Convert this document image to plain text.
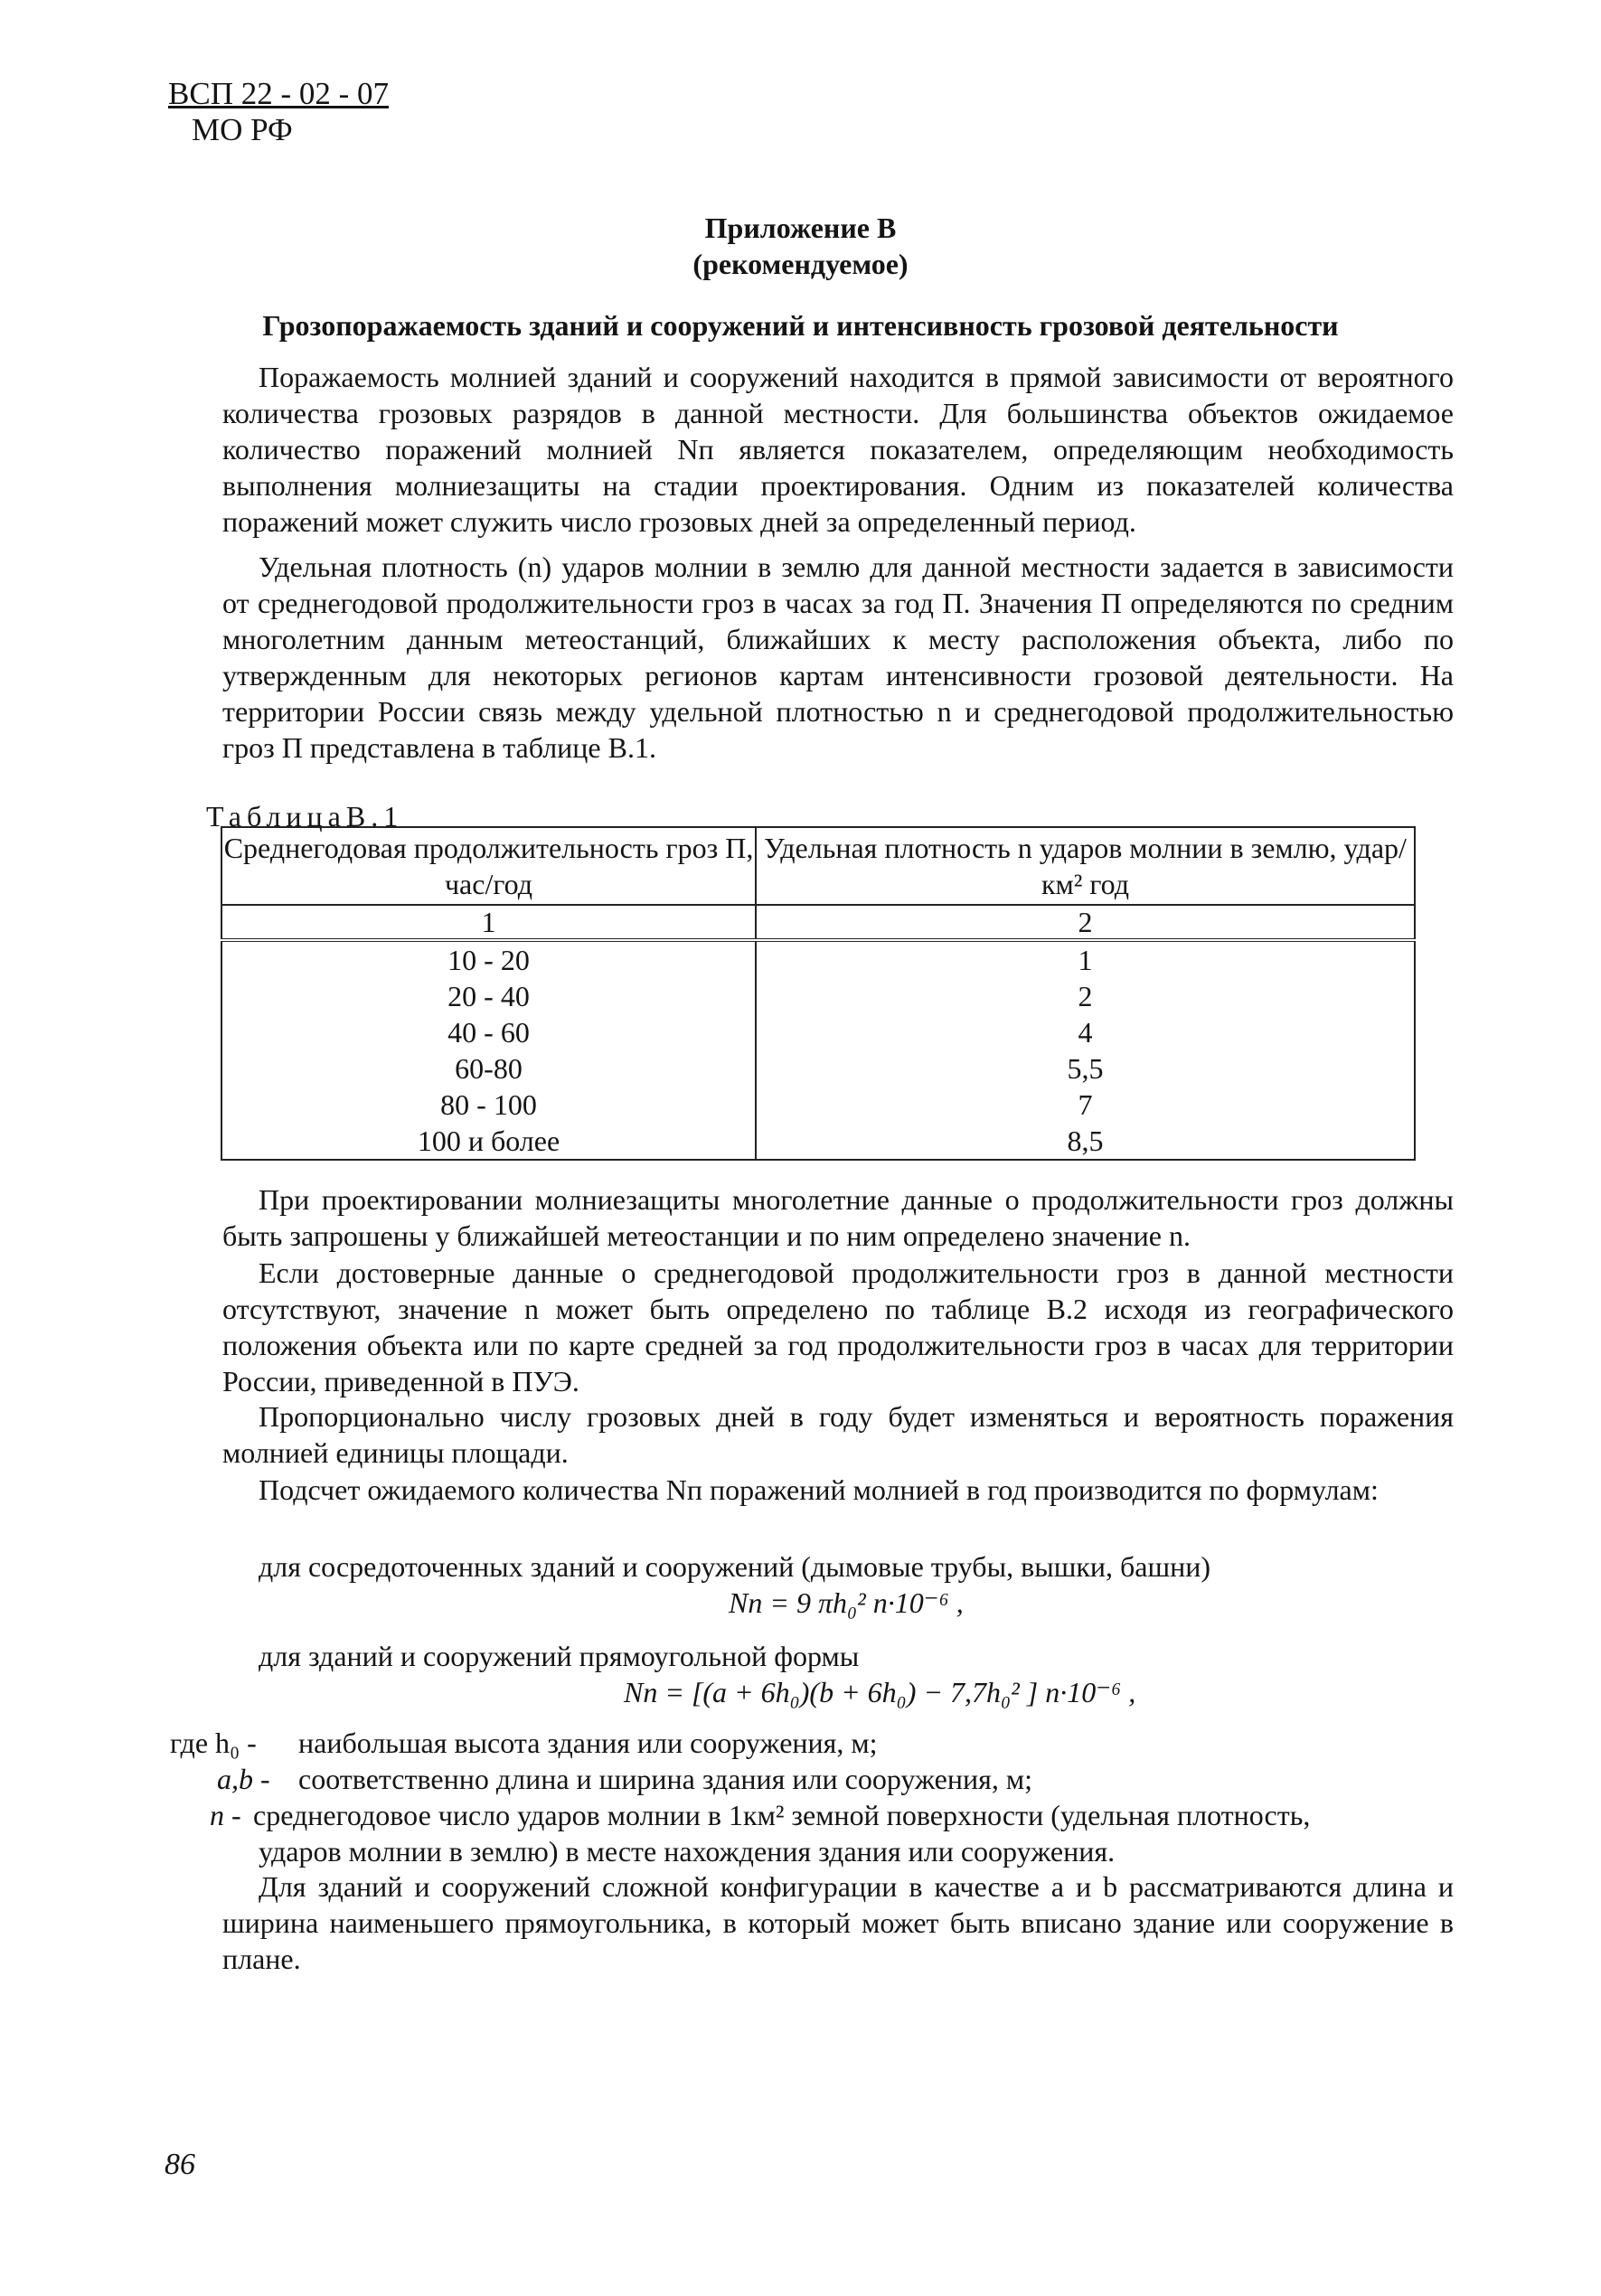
ВСП 22 - 02 - 07
МО РФ
Приложение В
(рекомендуемое)
Грозопоражаемость зданий и сооружений и интенсивность грозовой деятельности

Поражаемость молнией зданий и сооружений находится в прямой зависимости от вероятного количества грозовых разрядов в данной местности. Для большинства объектов ожидаемое количество поражений молнией Nп является показателем, определяющим необходимость выполнения молниезащиты на стадии проектирования. Одним из показателей количества поражений может служить число грозовых дней за определенный период.

Удельная плотность (n) ударов молнии в землю для данной местности задается в зависимости от среднегодовой продолжительности гроз в часах за год П. Значения П определяются по средним многолетним данным метеостанций, ближайших к месту расположения объекта, либо по утвержденным для некоторых регионов картам интенсивности грозовой деятельности. На территории России связь между удельной плотностью n и среднегодовой продолжительностью гроз П представлена в таблице В.1.

ТаблицаВ.1
Среднегодовая продолжительность гроз П, час/год	Удельная плотность n ударов молнии в землю, удар/км² год
1	2
10 - 20	1
20 - 40	2
40 - 60	4
60-80	5,5
80 - 100	7
100 и более	8,5

При проектировании молниезащиты многолетние данные о продолжительности гроз должны быть запрошены у ближайшей метеостанции и по ним определено значение n.

Если достоверные данные о среднегодовой продолжительности гроз в данной местности отсутствуют, значение n может быть определено по таблице В.2 исходя из географического положения объекта или по карте средней за год продолжительности гроз в часах для территории России, приведенной в ПУЭ.

Пропорционально числу грозовых дней в году будет изменяться и вероятность поражения молнией единицы площади.

Подсчет ожидаемого количества Nп поражений молнией в год производится по формулам:

для сосредоточенных зданий и сооружений (дымовые трубы, вышки, башни)
Nп = 9 πh₀² n·10⁻⁶ ,
для зданий и сооружений прямоугольной формы
Nп = [(a + 6h₀)(b + 6h₀) − 7,7h₀² ] n·10⁻⁶ ,
где h₀ - наибольшая высота здания или сооружения, м;
a,b - соответственно длина и ширина здания или сооружения, м;
n - среднегодовое число ударов молнии в 1км² земной поверхности (удельная плотность,
ударов молнии в землю) в месте нахождения здания или сооружения.

Для зданий и сооружений сложной конфигурации в качестве a и b рассматриваются длина и ширина наименьшего прямоугольника, в который может быть вписано здание или сооружение в плане.

86
